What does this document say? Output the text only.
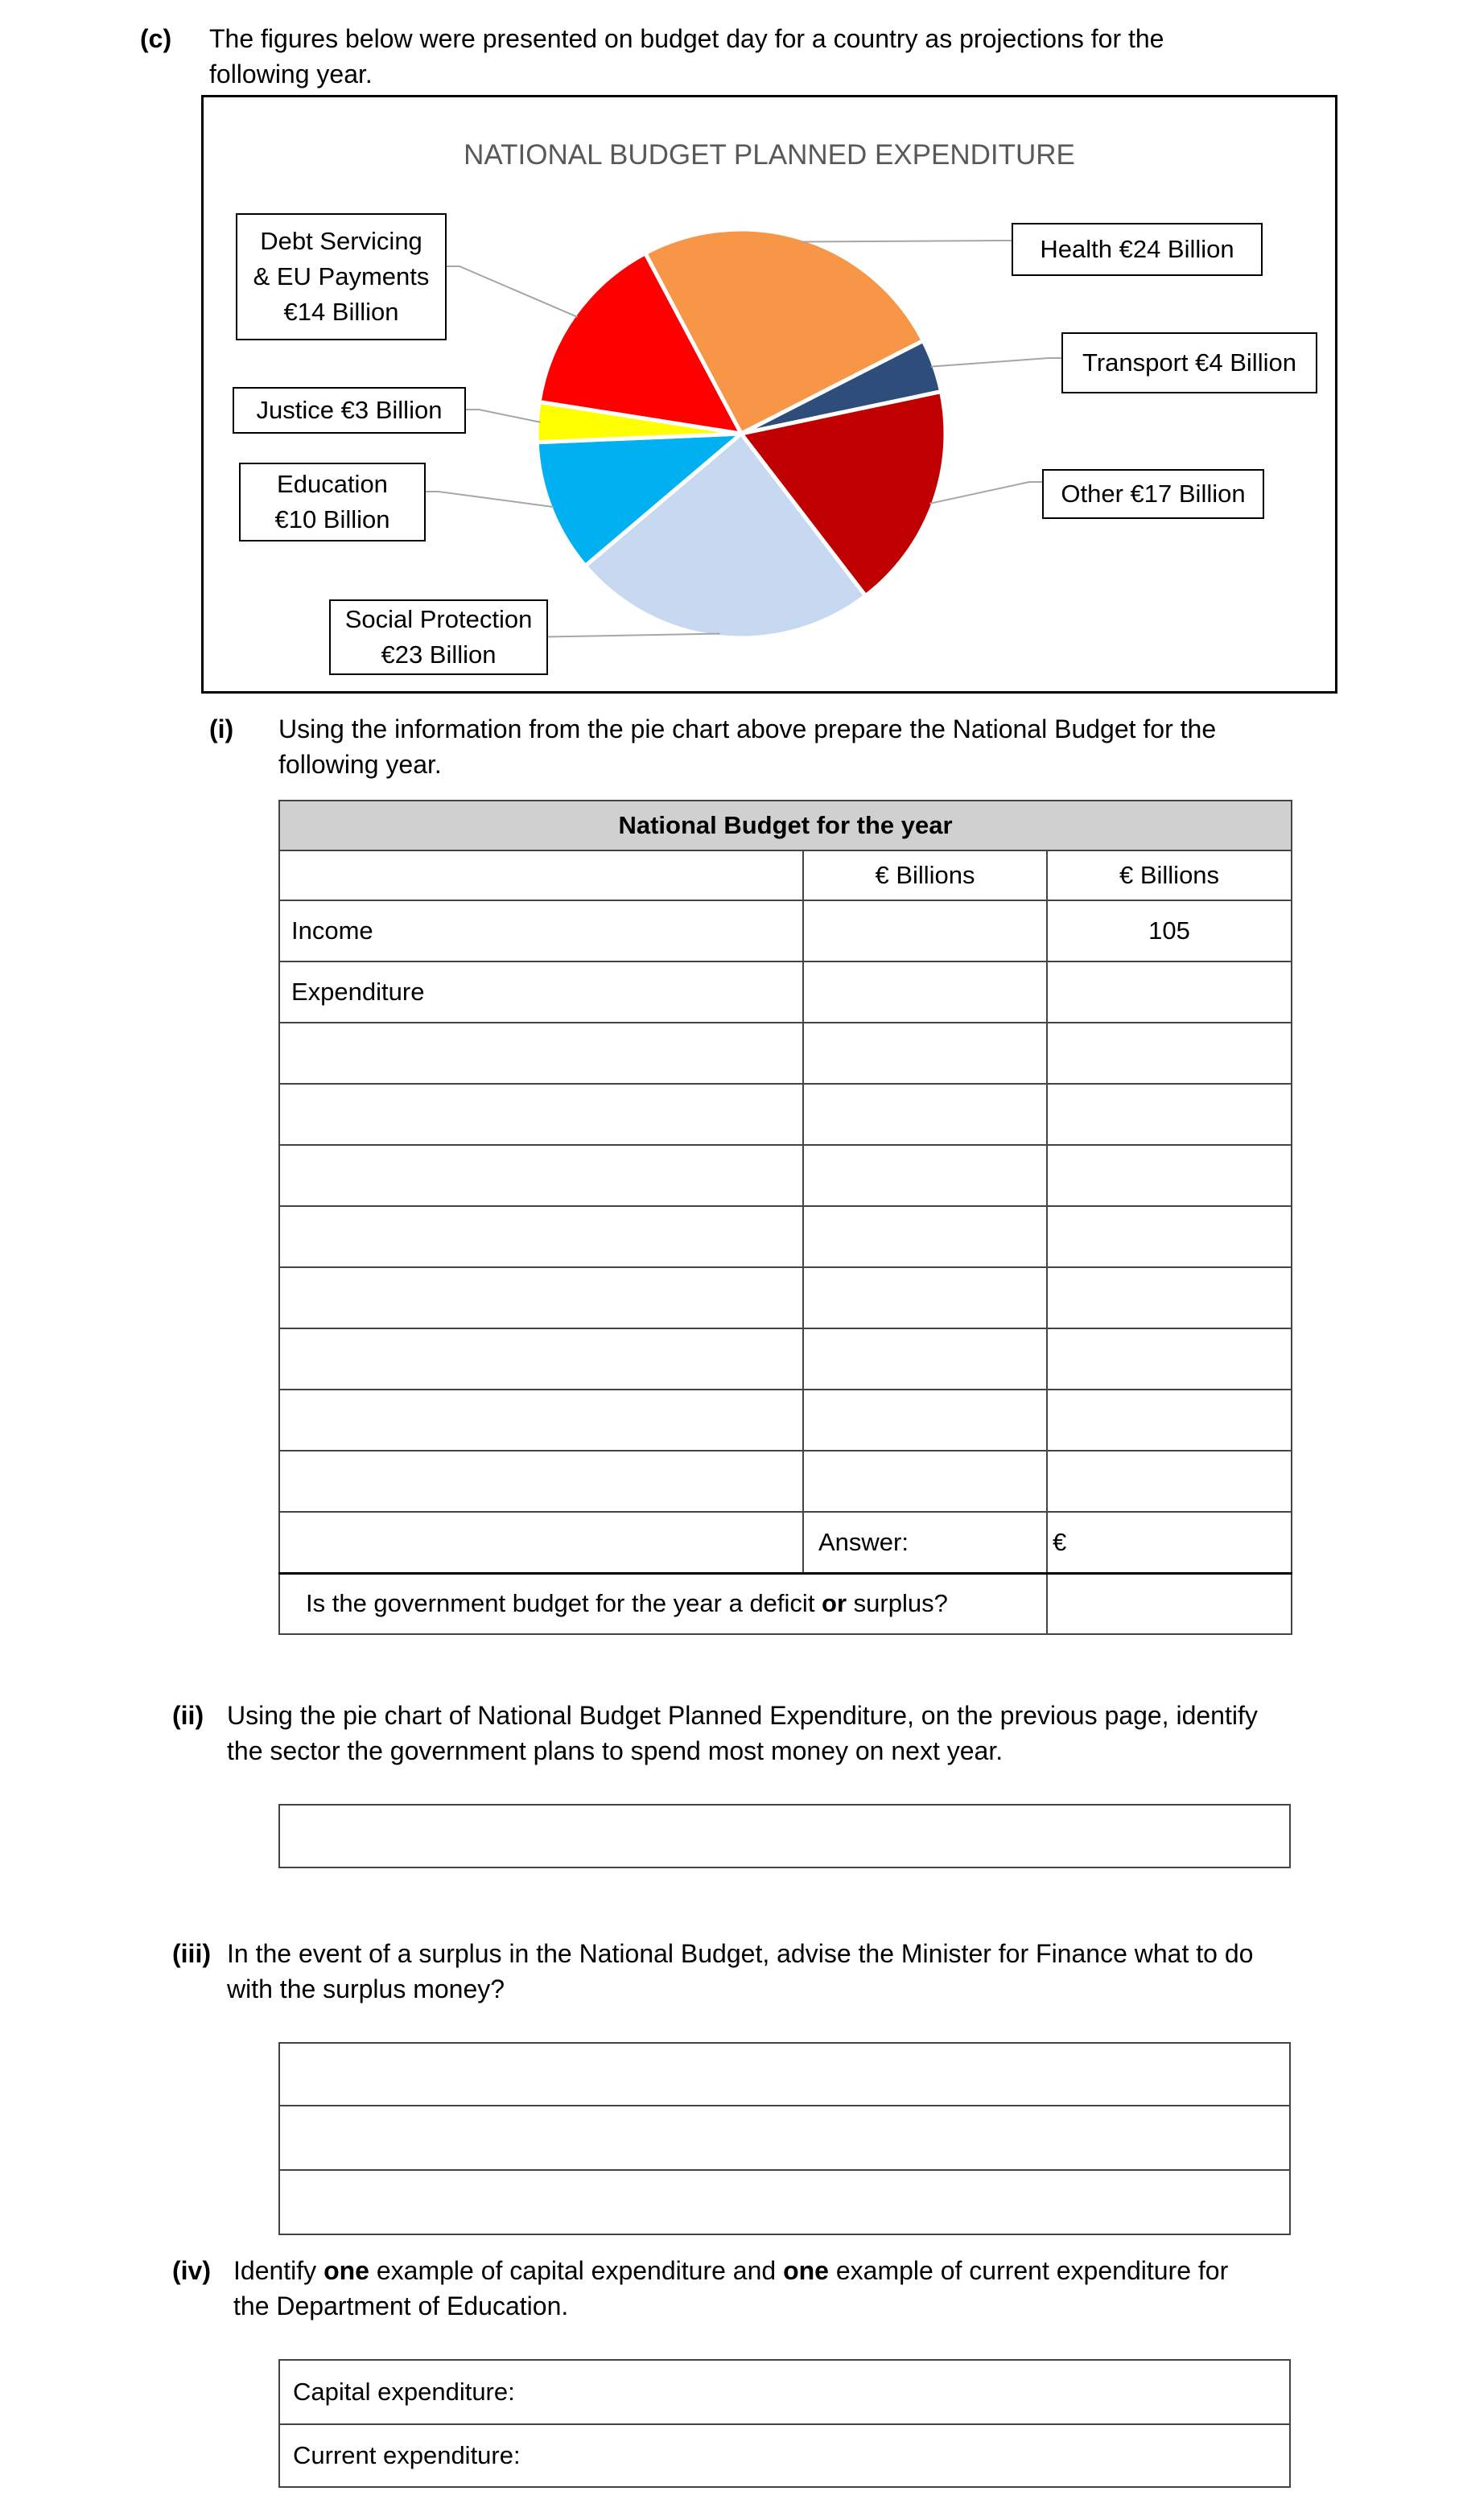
(c) The figures below were presented on budget day for a country as projections for the
following year.
NATIONAL BUDGET PLANNED EXPENDITURE
Health €24 Billion
Transport €4 Billion
Other €17 Billion
Social Protection
€23 Billion
Education
€10 Billion
Justice €3 Billion
Debt Servicing
& EU Payments
€14 Billion
(i) Using the information from the pie chart above prepare the National Budget for the
following year.
National Budget for the year		
	€ Billions	€ Billions
Income		105
Expenditure		

	Answer:	€
Is the government budget for the year a deficit or surplus?		
(ii) Using the pie chart of National Budget Planned Expenditure, on the previous page, identify
the sector the government plans to spend most money on next year.
(iii) In the event of a surplus in the National Budget, advise the Minister for Finance what to do
with the surplus money?
(iv) Identify one example of capital expenditure and one example of current expenditure for
the Department of Education.
Capital expenditure:
Current expenditure:
